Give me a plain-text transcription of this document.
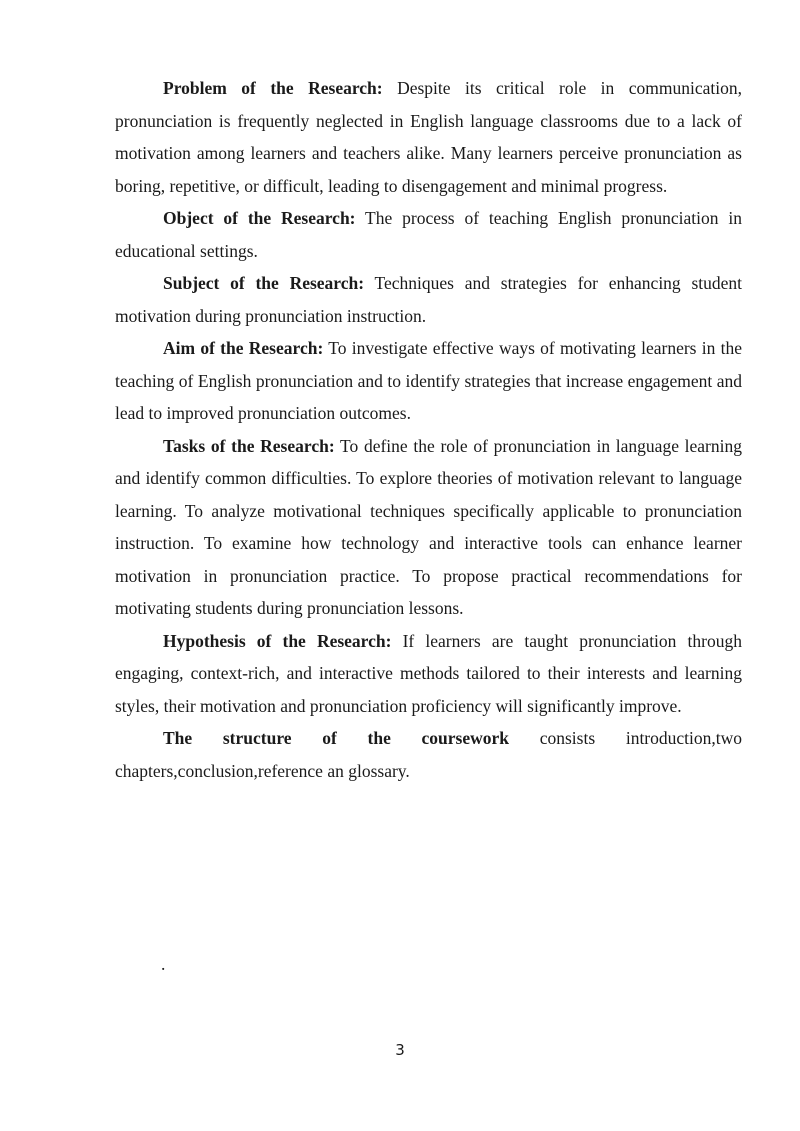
Problem of the Research: Despite its critical role in communication, pronunciation is frequently neglected in English language classrooms due to a lack of motivation among learners and teachers alike. Many learners perceive pronunciation as boring, repetitive, or difficult, leading to disengagement and minimal progress.

Object of the Research: The process of teaching English pronunciation in educational settings.

Subject of the Research: Techniques and strategies for enhancing student motivation during pronunciation instruction.

Aim of the Research: To investigate effective ways of motivating learners in the teaching of English pronunciation and to identify strategies that increase engagement and lead to improved pronunciation outcomes.

Tasks of the Research: To define the role of pronunciation in language learning and identify common difficulties. To explore theories of motivation relevant to language learning. To analyze motivational techniques specifically applicable to pronunciation instruction. To examine how technology and interactive tools can enhance learner motivation in pronunciation practice. To propose practical recommendations for motivating students during pronunciation lessons.

Hypothesis of the Research: If learners are taught pronunciation through engaging, context-rich, and interactive methods tailored to their interests and learning styles, their motivation and pronunciation proficiency will significantly improve.

The structure of the coursework consists introduction,two

chapters,conclusion,reference an glossary.

.
3
